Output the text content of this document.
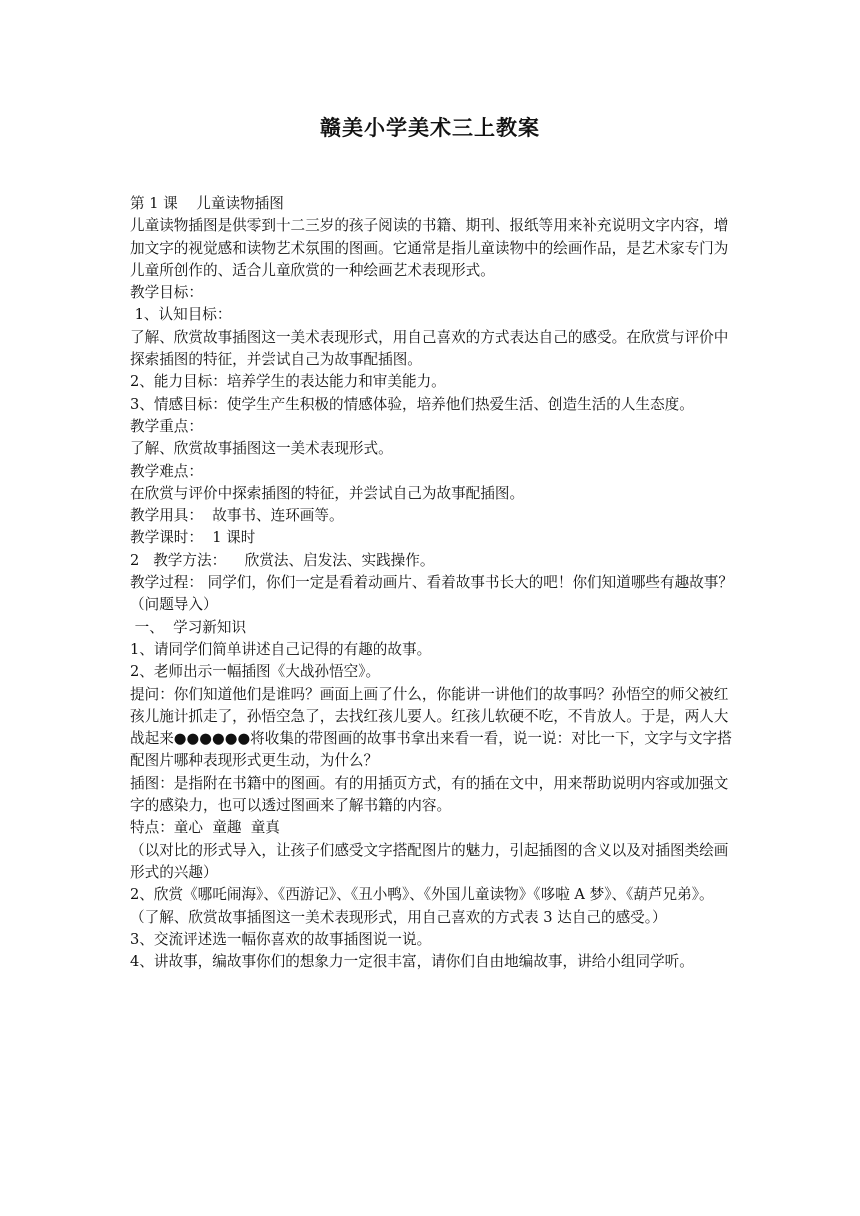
赣美小学美术三上教案
第 1 课    儿童读物插图
儿童读物插图是供零到十二三岁的孩子阅读的书籍、期刊、报纸等用来补充说明文字内容，增加文字的视觉感和读物艺术氛围的图画。它通常是指儿童读物中的绘画作品，是艺术家专门为儿童所创作的、适合儿童欣赏的一种绘画艺术表现形式。
教学目标：
1、认知目标：
了解、欣赏故事插图这一美术表现形式，用自己喜欢的方式表达自己的感受。在欣赏与评价中探索插图的特征，并尝试自己为故事配插图。
2、能力目标：培养学生的表达能力和审美能力。
3、情感目标：使学生产生积极的情感体验，培养他们热爱生活、创造生活的人生态度。
教学重点：
了解、欣赏故事插图这一美术表现形式。
教学难点：
在欣赏与评价中探索插图的特征，并尝试自己为故事配插图。
教学用具：  故事书、连环画等。
教学课时：  1 课时
2   教学方法：    欣赏法、启发法、实践操作。
教学过程： 同学们，你们一定是看着动画片、看着故事书长大的吧！你们知道哪些有趣故事？（问题导入）
一、  学习新知识
1、请同学们简单讲述自己记得的有趣的故事。
2、老师出示一幅插图《大战孙悟空》。
提问：你们知道他们是谁吗？画面上画了什么，你能讲一讲他们的故事吗？孙悟空的师父被红孩儿施计抓走了，孙悟空急了，去找红孩儿要人。红孩儿软硬不吃，不肯放人。于是，两人大战起来●●●●●●将收集的带图画的故事书拿出来看一看，说一说：对比一下，文字与文字搭配图片哪种表现形式更生动，为什么？
插图：是指附在书籍中的图画。有的用插页方式，有的插在文中，用来帮助说明内容或加强文字的感染力，也可以透过图画来了解书籍的内容。
特点：童心  童趣  童真
（以对比的形式导入，让孩子们感受文字搭配图片的魅力，引起插图的含义以及对插图类绘画形式的兴趣）
2、欣赏《哪吒闹海》、《西游记》、《丑小鸭》、《外国儿童读物》《哆啦 A 梦》、《葫芦兄弟》。
（了解、欣赏故事插图这一美术表现形式，用自己喜欢的方式表 3 达自己的感受。）
3、交流评述选一幅你喜欢的故事插图说一说。
4、讲故事，编故事你们的想象力一定很丰富，请你们自由地编故事，讲给小组同学听。
